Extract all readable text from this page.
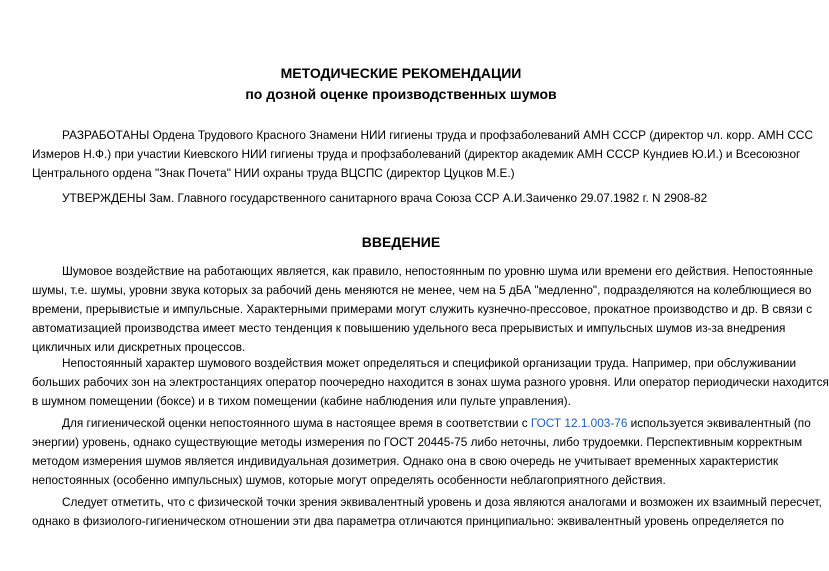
МЕТОДИЧЕСКИЕ РЕКОМЕНДАЦИИ
по дозной оценке производственных шумов
РАЗРАБОТАНЫ Ордена Трудового Красного Знамени НИИ гигиены труда и профзаболеваний АМН СССР (директор чл. корр. АМН ССС
Измеров Н.Ф.) при участии Киевского НИИ гигиены труда и профзаболеваний (директор академик АМН СССР Кундиев Ю.И.) и Всесоюзног
Центрального ордена "Знак Почета" НИИ охраны труда ВЦСПС (директор Цуцков М.Е.)
УТВЕРЖДЕНЫ Зам. Главного государственного санитарного врача Союза ССР А.И.Заиченко 29.07.1982 г. N 2908-82
ВВЕДЕНИЕ
Шумовое воздействие на работающих является, как правило, непостоянным по уровню шума или времени его действия. Непостоянные
шумы, т.е. шумы, уровни звука которых за рабочий день меняются не менее, чем на 5 дБА "медленно", подразделяются на колеблющиеся во
времени, прерывистые и импульсные. Характерными примерами могут служить кузнечно-прессовое, прокатное производство и др. В связи с
автоматизацией производства имеет место тенденция к повышению удельного веса прерывистых и импульсных шумов из-за внедрения
цикличных или дискретных процессов.
Непостоянный характер шумового воздействия может определяться и спецификой организации труда. Например, при обслуживании
больших рабочих зон на электростанциях оператор поочередно находится в зонах шума разного уровня. Или оператор периодически находится
в шумном помещении (боксе) и в тихом помещении (кабине наблюдения или пульте управления).
Для гигиенической оценки непостоянного шума в настоящее время в соответствии с ГОСТ 12.1.003-76 используется эквивалентный (по
энергии) уровень, однако существующие методы измерения по ГОСТ 20445-75 либо неточны, либо трудоемки. Перспективным корректным
методом измерения шумов является индивидуальная дозиметрия. Однако она в свою очередь не учитывает временных характеристик
непостоянных (особенно импульсных) шумов, которые могут определять особенности неблагоприятного действия.
Следует отметить, что с физической точки зрения эквивалентный уровень и доза являются аналогами и возможен их взаимный пересчет,
однако в физиолого-гигиеническом отношении эти два параметра отличаются принципиально: эквивалентный уровень определяется по
